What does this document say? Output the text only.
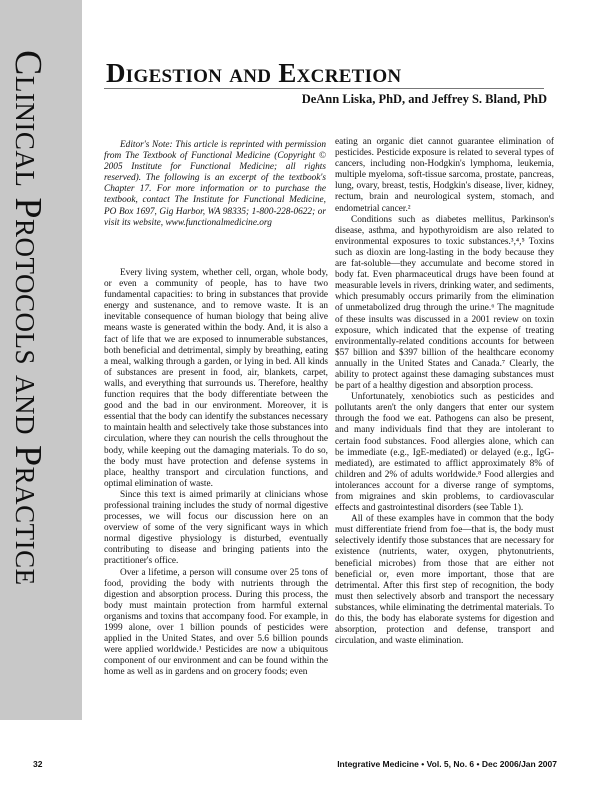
Clinical Protocols and Practice Digestion and Excretion
DeAnn Liska, PhD, and Jeffrey S. Bland, PhD
Editor's Note: This article is reprinted with permission from The Textbook of Functional Medicine (Copyright © 2005 Institute for Functional Medicine; all rights reserved). The following is an excerpt of the textbook's Chapter 17. For more information or to purchase the textbook, contact The Institute for Functional Medicine, PO Box 1697, Gig Harbor, WA 98335; 1-800-228-0622; or visit its website, www.functionalmedicine.org

Every living system, whether cell, organ, whole body, or even a community of people, has to have two fundamental capacities: to bring in substances that provide energy and sustenance, and to remove waste. It is an inevitable consequence of human biology that being alive means waste is generated within the body. And, it is also a fact of life that we are exposed to innumerable substances, both beneficial and detrimental, simply by breathing, eating a meal, walking through a garden, or lying in bed. All kinds of substances are present in food, air, blankets, carpet, walls, and everything that surrounds us. Therefore, healthy function requires that the body differentiate between the good and the bad in our environment. Moreover, it is essential that the body can identify the substances necessary to maintain health and selectively take those substances into circulation, where they can nourish the cells throughout the body, while keeping out the damaging materials. To do so, the body must have protection and defense systems in place, healthy transport and circulation functions, and optimal elimination of waste.

Since this text is aimed primarily at clinicians whose professional training includes the study of normal digestive processes, we will focus our discussion here on an overview of some of the very significant ways in which normal digestive physiology is disturbed, eventually contributing to disease and bringing patients into the practitioner's office.

Over a lifetime, a person will consume over 25 tons of food, providing the body with nutrients through the digestion and absorption process. During this process, the body must maintain protection from harmful external organisms and toxins that accompany food. For example, in 1999 alone, over 1 billion pounds of pesticides were applied in the United States, and over 5.6 billion pounds were applied worldwide.¹ Pesticides are now a ubiquitous component of our environment and can be found within the home as well as in gardens and on grocery foods; even

eating an organic diet cannot guarantee elimination of pesticides. Pesticide exposure is related to several types of cancers, including non-Hodgkin's lymphoma, leukemia, multiple myeloma, soft-tissue sarcoma, prostate, pancreas, lung, ovary, breast, testis, Hodgkin's disease, liver, kidney, rectum, brain and neurological system, stomach, and endometrial cancer.²

Conditions such as diabetes mellitus, Parkinson's disease, asthma, and hypothyroidism are also related to environmental exposures to toxic substances.³,⁴,⁵ Toxins such as dioxin are long-lasting in the body because they are fat-soluble—they accumulate and become stored in body fat. Even pharmaceutical drugs have been found at measurable levels in rivers, drinking water, and sediments, which presumably occurs primarily from the elimination of unmetabolized drug through the urine.⁶ The magnitude of these insults was discussed in a 2001 review on toxin exposure, which indicated that the expense of treating environmentally-related conditions accounts for between $57 billion and $397 billion of the healthcare economy annually in the United States and Canada.⁷ Clearly, the ability to protect against these damaging substances must be part of a healthy digestion and absorption process.

Unfortunately, xenobiotics such as pesticides and pollutants aren't the only dangers that enter our system through the food we eat. Pathogens can also be present, and many individuals find that they are intolerant to certain food substances. Food allergies alone, which can be immediate (e.g., IgE-mediated) or delayed (e.g., IgG-mediated), are estimated to afflict approximately 8% of children and 2% of adults worldwide.⁸ Food allergies and intolerances account for a diverse range of symptoms, from migraines and skin problems, to cardiovascular effects and gastrointestinal disorders (see Table 1).

All of these examples have in common that the body must differentiate friend from foe—that is, the body must selectively identify those substances that are necessary for existence (nutrients, water, oxygen, phytonutrients, beneficial microbes) from those that are either not beneficial or, even more important, those that are detrimental. After this first step of recognition, the body must then selectively absorb and transport the necessary substances, while eliminating the detrimental materials. To do this, the body has elaborate systems for digestion and absorption, protection and defense, transport and circulation, and waste elimination.

32	Integrative Medicine • Vol. 5, No. 6 • Dec 2006/Jan 2007
